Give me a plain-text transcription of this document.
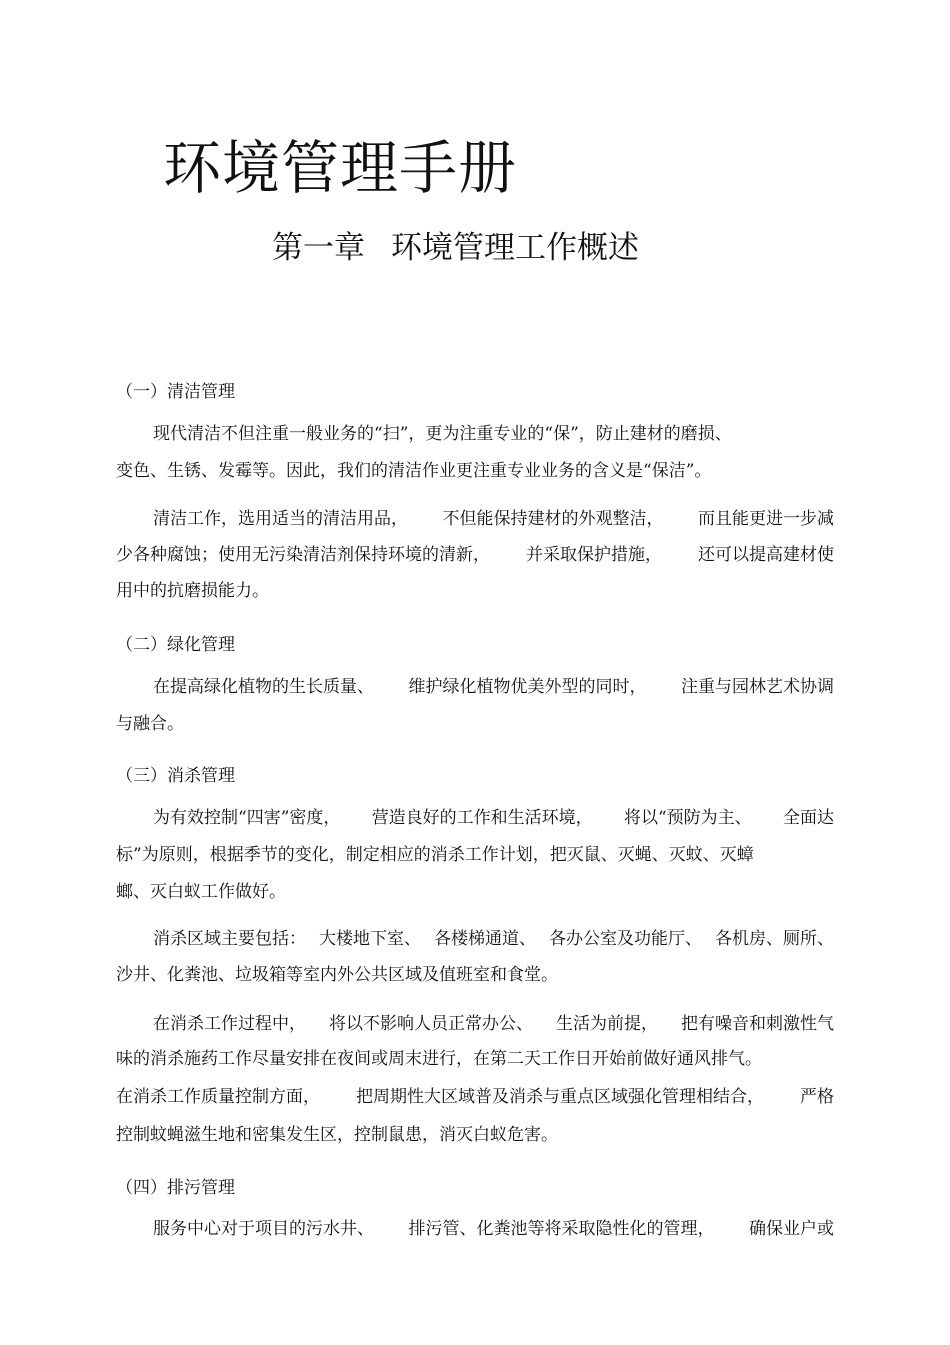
环境管理手册
第一章 环境管理工作概述
（一）清洁管理

现代清洁不但注重一般业务的“扫”，更为注重专业的“保”，防止建材的磨损、

变色、生锈、发霉等。因此，我们的清洁作业更注重专业业务的含义是“保洁”。

清洁工作，选用适当的清洁用品， 不但能保持建材的外观整洁， 而且能更进一步减

少各种腐蚀；使用无污染清洁剂保持环境的清新， 并采取保护措施， 还可以提高建材使

用中的抗磨损能力。

（二）绿化管理

在提高绿化植物的生长质量、 维护绿化植物优美外型的同时， 注重与园林艺术协调

与融合。

（三）消杀管理

为有效控制“四害”密度， 营造良好的工作和生活环境， 将以“预防为主、 全面达

标”为原则，根据季节的变化，制定相应的消杀工作计划，把灭鼠、灭蝇、灭蚊、灭蟑

螂、灭白蚁工作做好。

消杀区域主要包括： 大楼地下室、 各楼梯通道、 各办公室及功能厅、 各机房、厕所、

沙井、化粪池、垃圾箱等室内外公共区域及值班室和食堂。

在消杀工作过程中， 将以不影响人员正常办公、 生活为前提， 把有噪音和刺激性气

味的消杀施药工作尽量安排在夜间或周末进行，在第二天工作日开始前做好通风排气。

在消杀工作质量控制方面， 把周期性大区域普及消杀与重点区域强化管理相结合， 严格

控制蚊蝇滋生地和密集发生区，控制鼠患，消灭白蚁危害。

（四）排污管理

服务中心对于项目的污水井、 排污管、化粪池等将采取隐性化的管理， 确保业户或
